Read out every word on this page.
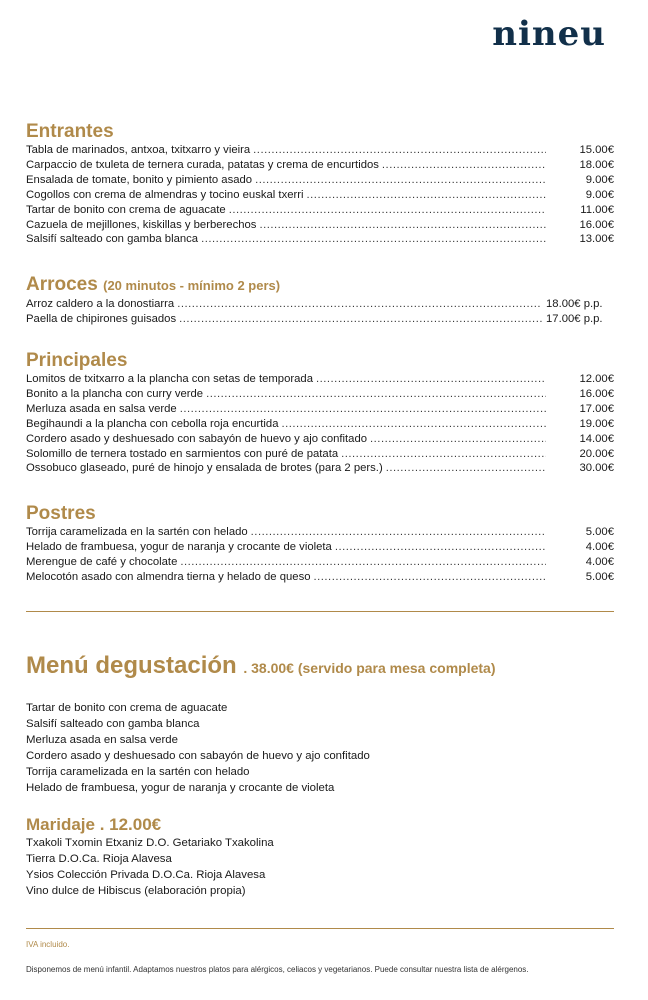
nineu
Entrantes
Tabla de marinados, antxoa, txitxarro y vieira .....	15.00€
Carpaccio de txuleta de ternera curada, patatas y crema de encurtidos .....	18.00€
Ensalada de tomate, bonito y pimiento asado .....	9.00€
Cogollos con crema de almendras y tocino euskal txerri .....	9.00€
Tartar de bonito con crema de aguacate .....	11.00€
Cazuela de mejillones, kiskillas y berberechos .....	16.00€
Salsifí salteado con gamba blanca .....	13.00€
Arroces (20 minutos - mínimo 2 pers)
Arroz caldero a la donostiarra .....	18.00€ p.p.
Paella de chipirones guisados .....	17.00€ p.p.
Principales
Lomitos de txitxarro a la plancha con setas de temporada .....	12.00€
Bonito a la plancha con curry verde .....	16.00€
Merluza asada en salsa verde .....	17.00€
Begihaundi a la plancha con cebolla roja encurtida .....	19.00€
Cordero asado y deshuesado con sabayón de huevo y ajo confitado .....	14.00€
Solomillo de ternera tostado en sarmientos con puré de patata .....	20.00€
Ossobuco glaseado, puré de hinojo y ensalada de brotes (para 2 pers.) .....	30.00€
Postres
Torrija caramelizada en la sartén con helado .....	5.00€
Helado de frambuesa, yogur de naranja y crocante de violeta .....	4.00€
Merengue de café y chocolate .....	4.00€
Melocotón asado con almendra tierna y helado de queso .....	5.00€
Menú degustación . 38.00€ (servido para mesa completa)
Tartar de bonito con crema de aguacate
Salsifí salteado con gamba blanca
Merluza asada en salsa verde
Cordero asado y deshuesado con sabayón de huevo y ajo confitado
Torrija caramelizada en la sartén con helado
Helado de frambuesa, yogur de naranja y crocante de violeta
Maridaje . 12.00€
Txakoli Txomin Etxaniz D.O. Getariako Txakolina
Tierra D.O.Ca. Rioja Alavesa
Ysios Colección Privada D.O.Ca. Rioja Alavesa
Vino dulce de Hibiscus (elaboración propia)
IVA incluido.
Disponemos de menú infantil. Adaptamos nuestros platos para alérgicos, celiacos y vegetarianos. Puede consultar nuestra lista de alérgenos.
